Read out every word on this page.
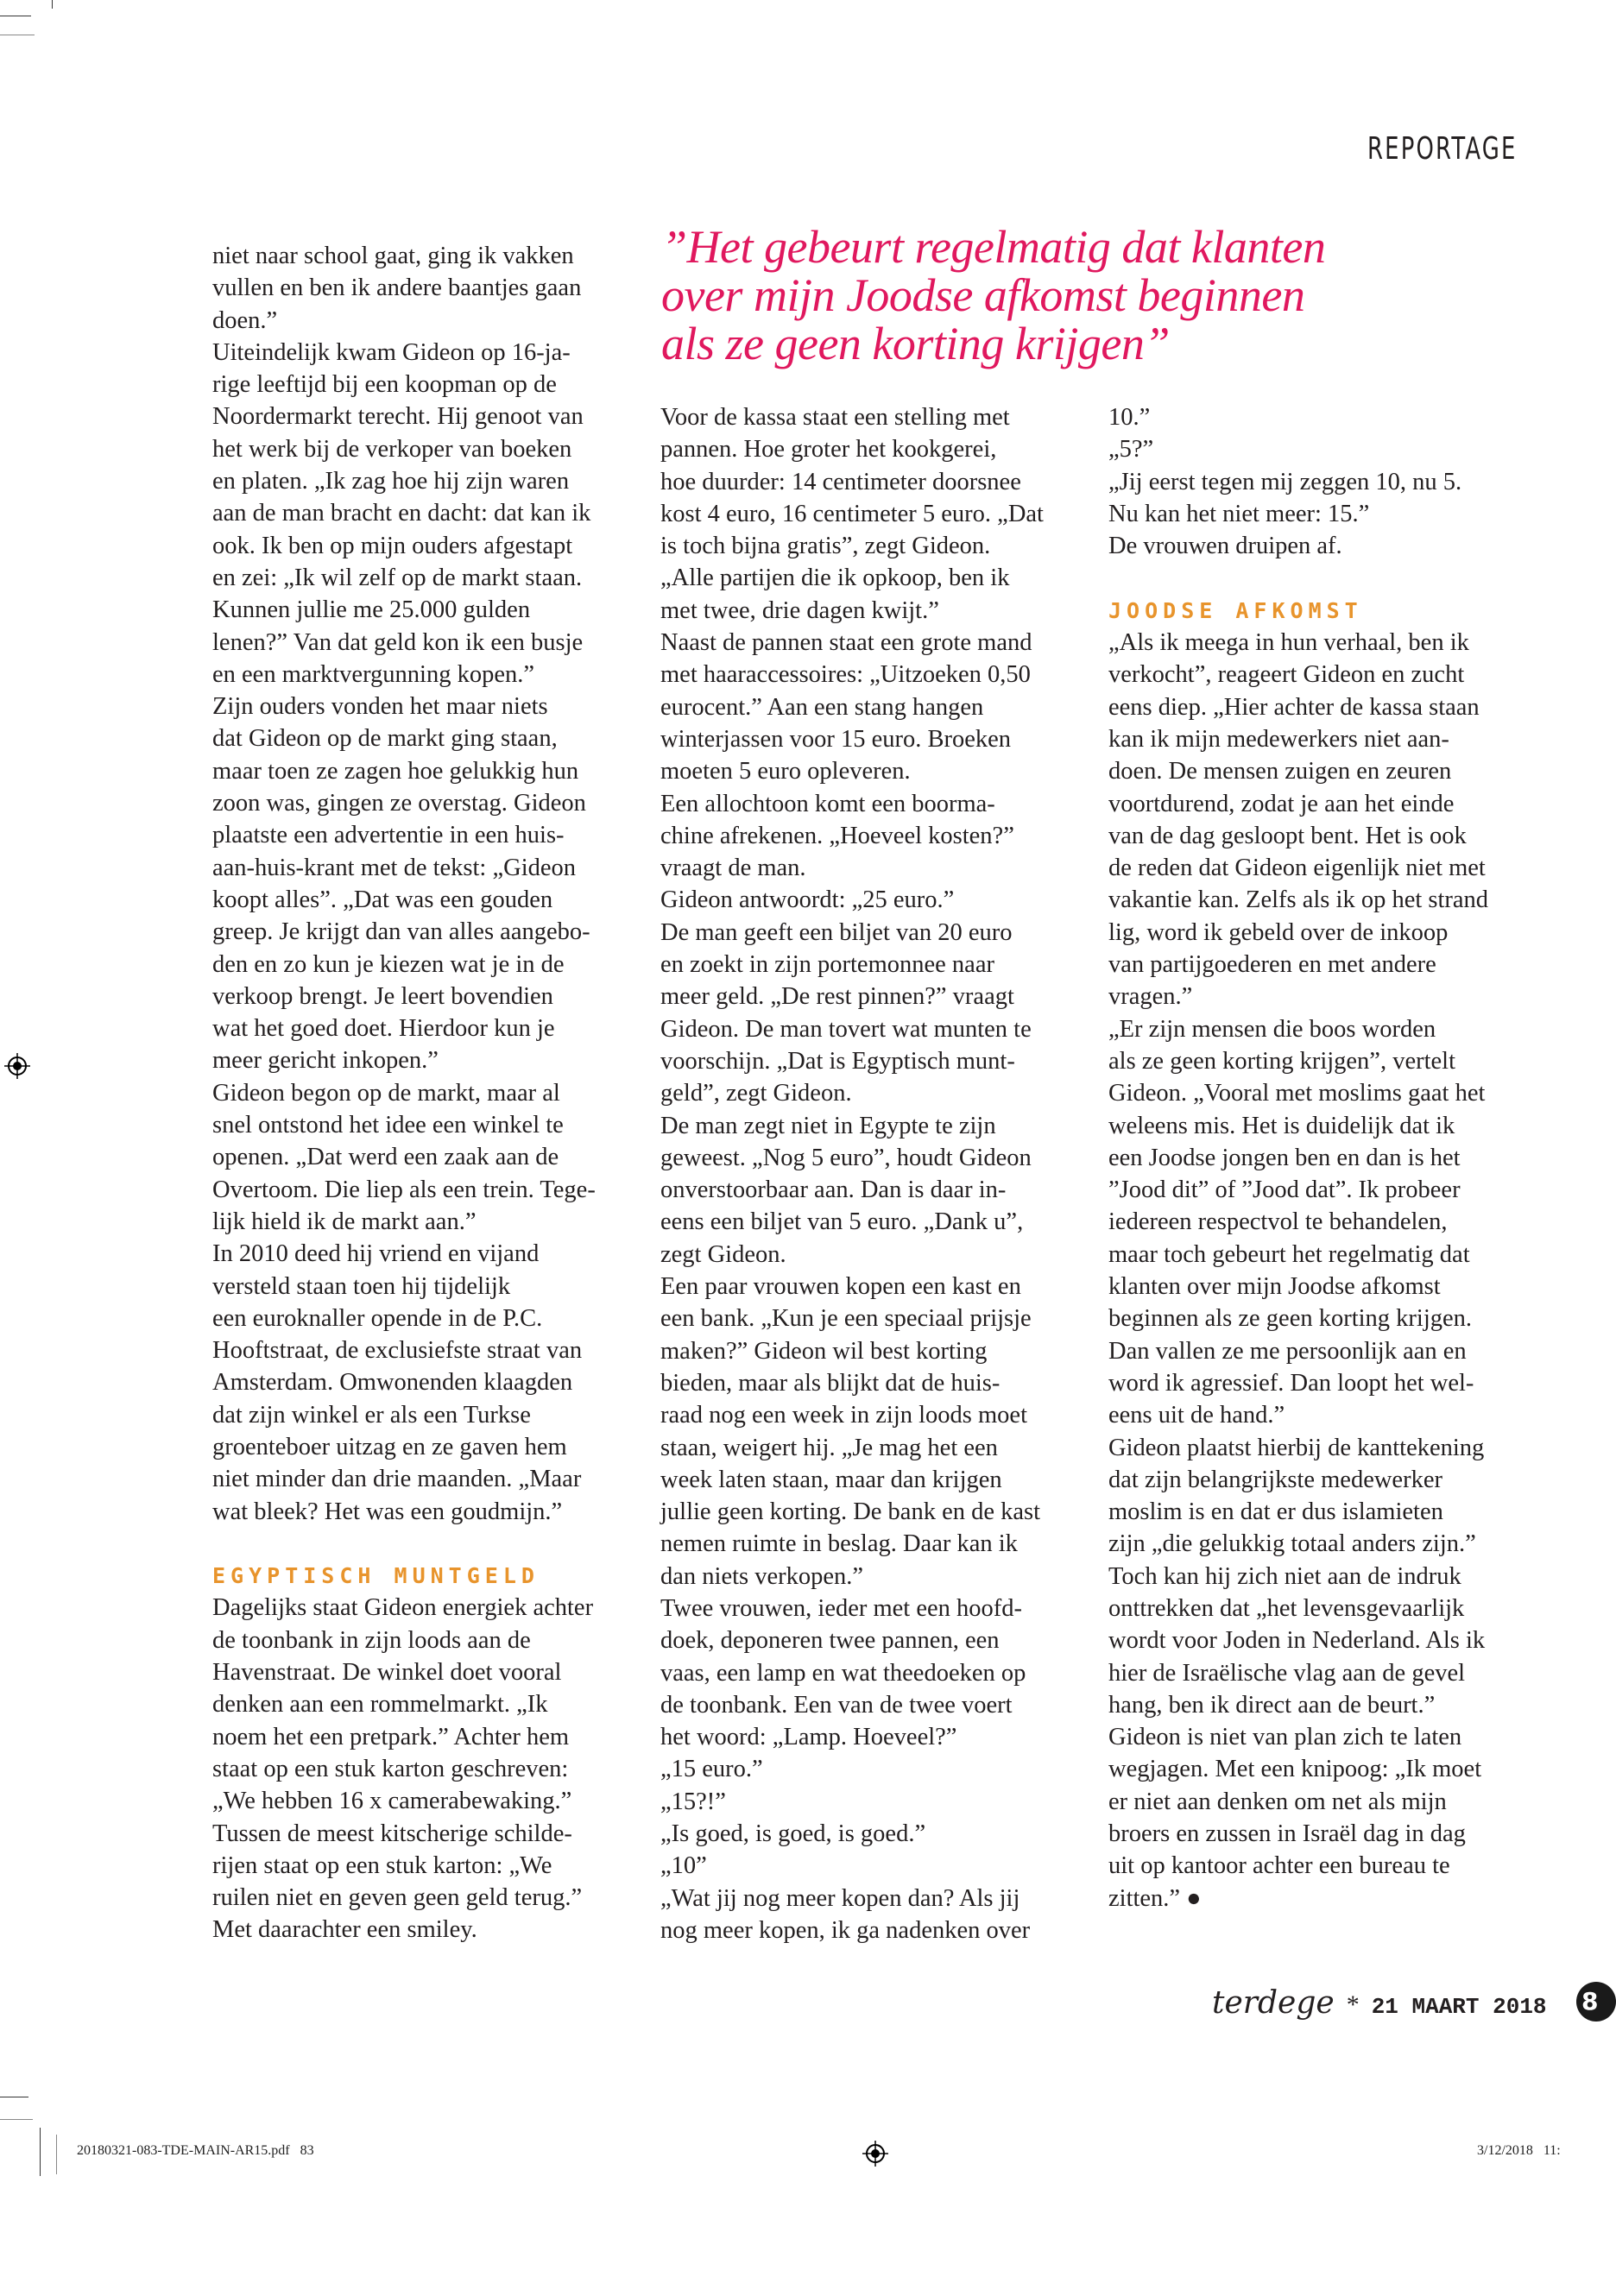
REPORTAGE
”Het gebeurt regelmatig dat klanten
over mijn Joodse afkomst beginnen
als ze geen korting krijgen”
niet naar school gaat, ging ik vakken
vullen en ben ik andere baantjes gaan
doen.”
Uiteindelijk kwam Gideon op 16-ja-
rige leeftijd bij een koopman op de
Noordermarkt terecht. Hij genoot van
het werk bij de verkoper van boeken
en platen. „Ik zag hoe hij zijn waren
aan de man bracht en dacht: dat kan ik
ook. Ik ben op mijn ouders afgestapt
en zei: „Ik wil zelf op de markt staan.
Kunnen jullie me 25.000 gulden
lenen?” Van dat geld kon ik een busje
en een marktvergunning kopen.”
Zijn ouders vonden het maar niets
dat Gideon op de markt ging staan,
maar toen ze zagen hoe gelukkig hun
zoon was, gingen ze overstag. Gideon
plaatste een advertentie in een huis-
aan-huis-krant met de tekst: „Gideon
koopt alles”. „Dat was een gouden
greep. Je krijgt dan van alles aangebo-
den en zo kun je kiezen wat je in de
verkoop brengt. Je leert bovendien
wat het goed doet. Hierdoor kun je
meer gericht inkopen.”
Gideon begon op de markt, maar al
snel ontstond het idee een winkel te
openen. „Dat werd een zaak aan de
Overtoom. Die liep als een trein. Tege-
lijk hield ik de markt aan.”
In 2010 deed hij vriend en vijand
versteld staan toen hij tijdelijk
een euroknaller opende in de P.C.
Hooftstraat, de exclusiefste straat van
Amsterdam. Omwonenden klaagden
dat zijn winkel er als een Turkse
groenteboer uitzag en ze gaven hem
niet minder dan drie maanden. „Maar
wat bleek? Het was een goudmijn.”
EGYPTISCH MUNTGELD
Dagelijks staat Gideon energiek achter
de toonbank in zijn loods aan de
Havenstraat. De winkel doet vooral
denken aan een rommelmarkt. „Ik
noem het een pretpark.” Achter hem
staat op een stuk karton geschreven:
„We hebben 16 x camerabewaking.”
Tussen de meest kitscherige schilde-
rijen staat op een stuk karton: „We
ruilen niet en geven geen geld terug.”
Met daarachter een smiley.
Voor de kassa staat een stelling met
pannen. Hoe groter het kookgerei,
hoe duurder: 14 centimeter doorsnee
kost 4 euro, 16 centimeter 5 euro. „Dat
is toch bijna gratis”, zegt Gideon.
„Alle partijen die ik opkoop, ben ik
met twee, drie dagen kwijt.”
Naast de pannen staat een grote mand
met haaraccessoires: „Uitzoeken 0,50
eurocent.” Aan een stang hangen
winterjassen voor 15 euro. Broeken
moeten 5 euro opleveren.
Een allochtoon komt een boorma-
chine afrekenen. „Hoeveel kosten?”
vraagt de man.
Gideon antwoordt: „25 euro.”
De man geeft een biljet van 20 euro
en zoekt in zijn portemonnee naar
meer geld. „De rest pinnen?” vraagt
Gideon. De man tovert wat munten te
voorschijn. „Dat is Egyptisch munt-
geld”, zegt Gideon.
De man zegt niet in Egypte te zijn
geweest. „Nog 5 euro”, houdt Gideon
onverstoorbaar aan. Dan is daar in-
eens een biljet van 5 euro. „Dank u”,
zegt Gideon.
Een paar vrouwen kopen een kast en
een bank. „Kun je een speciaal prijsje
maken?” Gideon wil best korting
bieden, maar als blijkt dat de huis-
raad nog een week in zijn loods moet
staan, weigert hij. „Je mag het een
week laten staan, maar dan krijgen
jullie geen korting. De bank en de kast
nemen ruimte in beslag. Daar kan ik
dan niets verkopen.”
Twee vrouwen, ieder met een hoofd-
doek, deponeren twee pannen, een
vaas, een lamp en wat theedoeken op
de toonbank. Een van de twee voert
het woord: „Lamp. Hoeveel?”
„15 euro.”
„15?!”
„Is goed, is goed, is goed.”
„10”
„Wat jij nog meer kopen dan? Als jij
nog meer kopen, ik ga nadenken over
10.”
„5?”
„Jij eerst tegen mij zeggen 10, nu 5.
Nu kan het niet meer: 15.”
De vrouwen druipen af.
JOODSE AFKOMST
„Als ik meega in hun verhaal, ben ik
verkocht”, reageert Gideon en zucht
eens diep. „Hier achter de kassa staan
kan ik mijn medewerkers niet aan-
doen. De mensen zuigen en zeuren
voortdurend, zodat je aan het einde
van de dag gesloopt bent. Het is ook
de reden dat Gideon eigenlijk niet met
vakantie kan. Zelfs als ik op het strand
lig, word ik gebeld over de inkoop
van partijgoederen en met andere
vragen.”
„Er zijn mensen die boos worden
als ze geen korting krijgen”, vertelt
Gideon. „Vooral met moslims gaat het
weleens mis. Het is duidelijk dat ik
een Joodse jongen ben en dan is het
”Jood dit” of ”Jood dat”. Ik probeer
iedereen respectvol te behandelen,
maar toch gebeurt het regelmatig dat
klanten over mijn Joodse afkomst
beginnen als ze geen korting krijgen.
Dan vallen ze me persoonlijk aan en
word ik agressief. Dan loopt het wel-
eens uit de hand.”
Gideon plaatst hierbij de kanttekening
dat zijn belangrijkste medewerker
moslim is en dat er dus islamieten
zijn „die gelukkig totaal anders zijn.”
Toch kan hij zich niet aan de indruk
onttrekken dat „het levensgevaarlijk
wordt voor Joden in Nederland. Als ik
hier de Israëlische vlag aan de gevel
hang, ben ik direct aan de beurt.”
Gideon is niet van plan zich te laten
wegjagen. Met een knipoog: „Ik moet
er niet aan denken om net als mijn
broers en zussen in Israël dag in dag
uit op kantoor achter een bureau te
zitten.” ●
terdege * 21 MAART 2018 8
20180321-083-TDE-MAIN-AR15.pdf   83	3/12/2018   11:
